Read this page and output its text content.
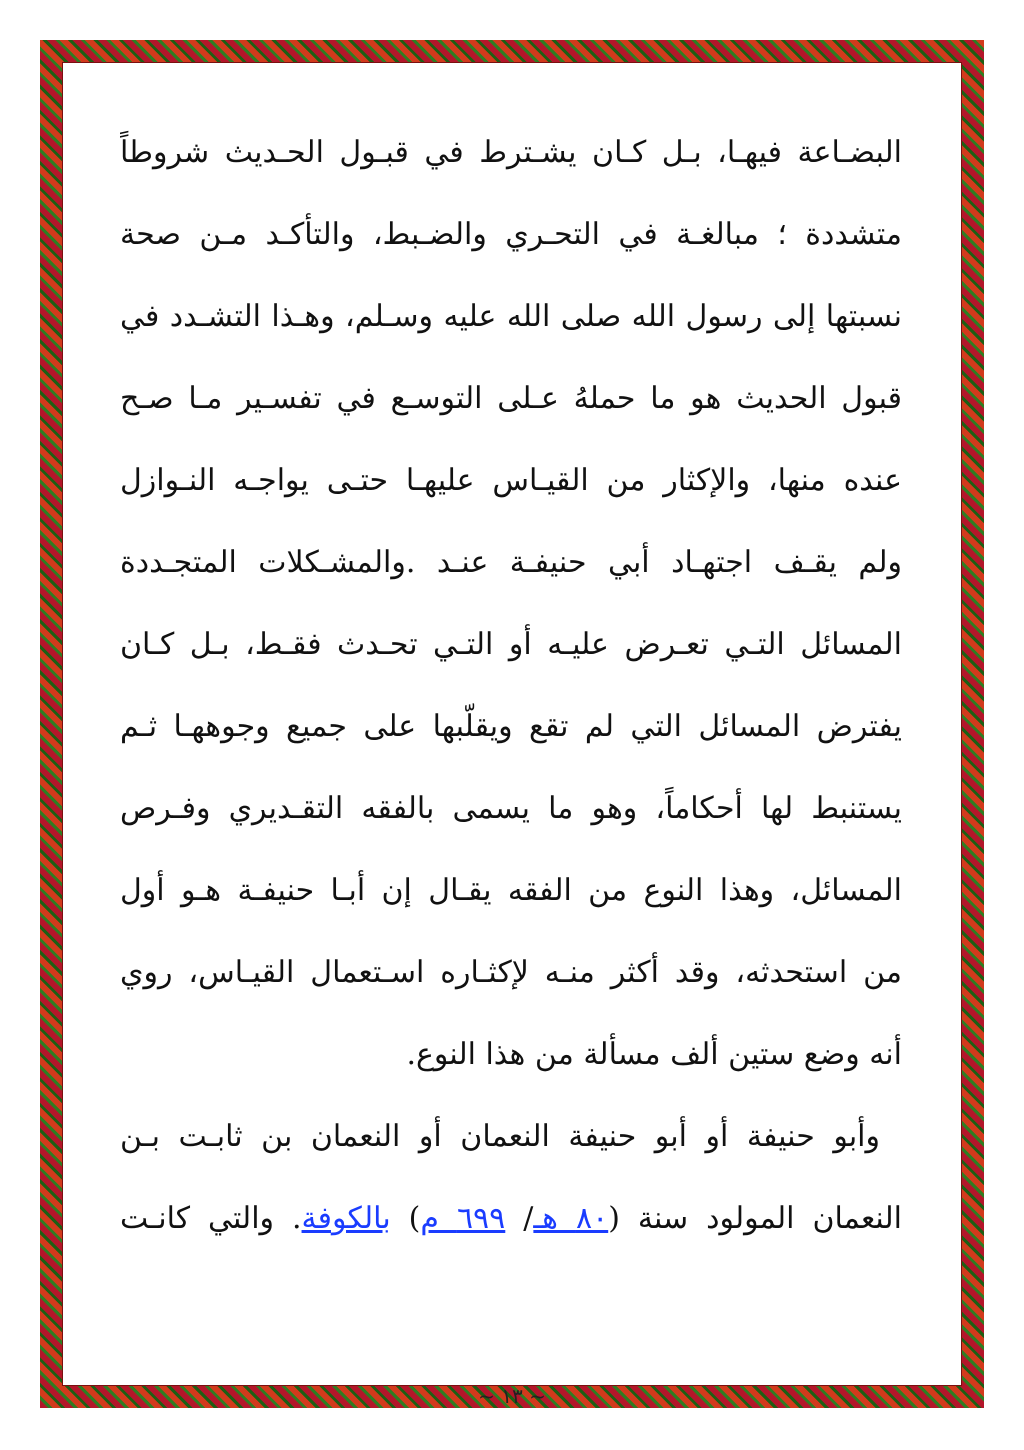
البضـاعة فيهـا، بـل كـان يشـترط في قبـول الحـديث شروطاً
متشددة ؛ مبالغـة في التحـري والضـبط، والتأكـد مـن صحة
نسبتها إلى رسول الله صلى الله عليه وسـلم، وهـذا التشـدد في
قبول الحديث هو ما حملهُ عـلى التوسـع في تفسـير مـا صـح
عنده منها، والإكثار من القيـاس عليهـا حتـى يواجـه النـوازل
ولم يقـف اجتهـاد أبي حنيفـة عنـد .والمشـكلات المتجـددة
المسائل التـي تعـرض عليـه أو التـي تحـدث فقـط، بـل كـان
يفترض المسائل التي لم تقع ويقلّبها على جميع وجوههـا ثـم
يستنبط لها أحكاماً، وهو ما يسمى بالفقه التقـديري وفـرص
المسائل، وهذا النوع من الفقه يقـال إن أبـا حنيفـة هـو أول
من استحدثه، وقد أكثر منـه لإكثـاره اسـتعمال القيـاس، روي
أنه وضع ستين ألف مسألة من هذا النوع.
وأبو حنيفة أو أبو حنيفة النعمان أو النعمان بن ثابـت بـن
النعمان المولود سنة (٨٠ هـ/ ٦٩٩ م) بالكوفة. والتي كانـت
~ ١٣ ~
